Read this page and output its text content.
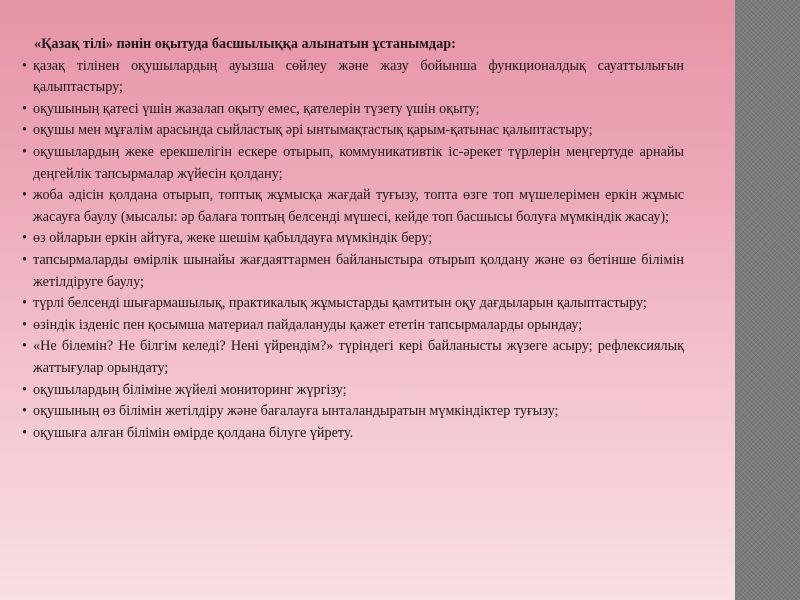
«Қазақ тілі» пәнін оқытуда басшылыққа алынатын ұстанымдар:

• қазақ тілінен оқушылардың ауызша сөйлеу және жазу бойынша функционалдық сауаттылығын қалыптастыру;
• оқушының қатесі үшін жазалап оқыту емес, қателерін түзету үшін оқыту;
• оқушы мен мұғалім арасында сыйластық әрі ынтымақтастық қарым-қатынас қалыптастыру;
• оқушылардың жеке ерекшелігін ескере отырып, коммуникативтік іс-әрекет түрлерін меңгертуде арнайы деңгейлік тапсырмалар жүйесін қолдану;
• жоба әдісін қолдана отырып, топтық жұмысқа жағдай туғызу, топта өзге топ мүшелерімен еркін жұмыс жасауға баулу (мысалы: әр балаға топтың белсенді мүшесі, кейде топ басшысы болуға мүмкіндік жасау);
• өз ойларын еркін айтуға, жеке шешім қабылдауға мүмкіндік беру;
• тапсырмаларды өмірлік шынайы жағдаяттармен байланыстыра отырып қолдану және өз бетінше білімін жетілдіруге баулу;
• түрлі белсенді шығармашылық, практикалық жұмыстарды қамтитын оқу дағдыларын қалыптастыру;
• өзіндік ізденіс пен қосымша материал пайдалануды қажет ететін тапсырмаларды орындау;
• «Не білемін? Не білгім келеді? Нені үйрендім?» түріндегі кері байланысты жүзеге асыру; рефлексиялық жаттығулар орындату;
• оқушылардың біліміне жүйелі мониторинг жүргізу;
• оқушының өз білімін жетілдіру және бағалауға ынталандыратын мүмкіндіктер туғызу;
• оқушыға алған білімін өмірде қолдана білуге үйрету.
